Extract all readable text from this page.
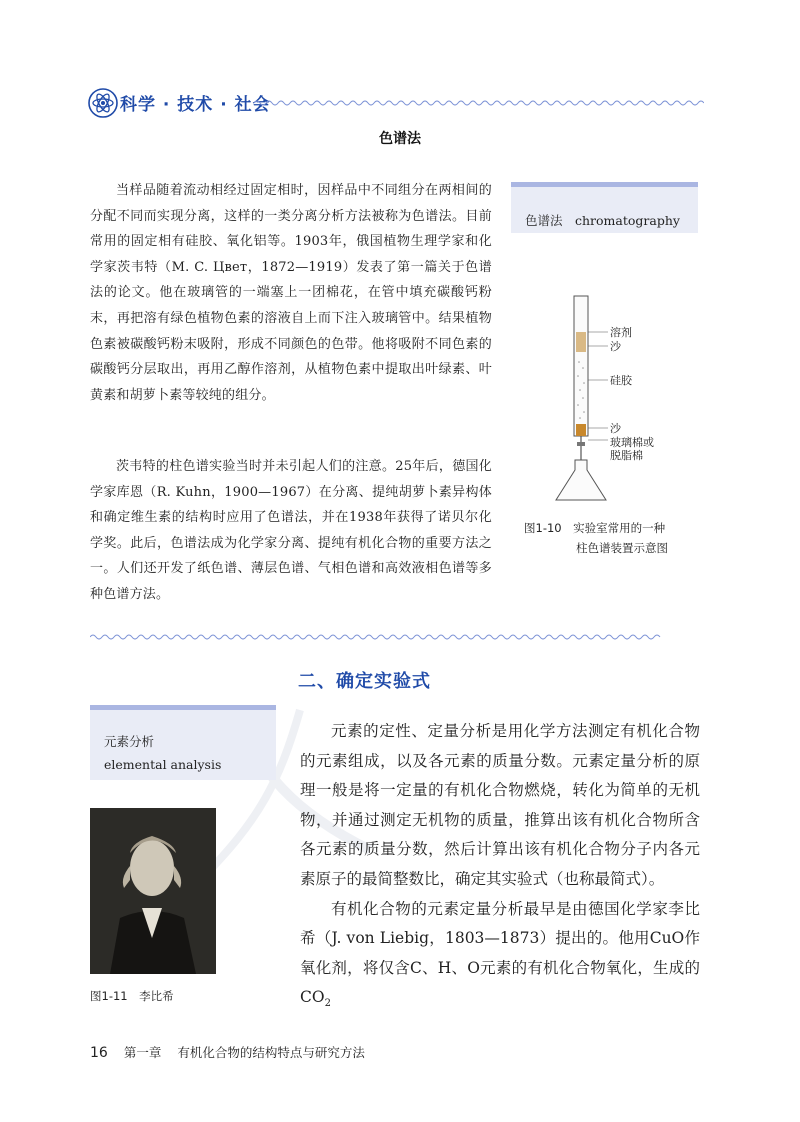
科学 · 技术 · 社会
色谱法

当样品随着流动相经过固定相时，因样品中不同组分在两相间的分配不同而实现分离，这样的一类分离分析方法被称为色谱法。目前常用的固定相有硅胶、氧化铝等。1903年，俄国植物生理学家和化学家茨韦特（M. C. Цвет，1872—1919）发表了第一篇关于色谱法的论文。他在玻璃管的一端塞上一团棉花，在管中填充碳酸钙粉末，再把溶有绿色植物色素的溶液自上而下注入玻璃管中。结果植物色素被碳酸钙粉末吸附，形成不同颜色的色带。他将吸附不同色素的碳酸钙分层取出，再用乙醇作溶剂，从植物色素中提取出叶绿素、叶黄素和胡萝卜素等较纯的组分。

茨韦特的柱色谱实验当时并未引起人们的注意。25年后，德国化学家库恩（R. Kuhn，1900—1967）在分离、提纯胡萝卜素异构体和确定维生素的结构时应用了色谱法，并在1938年获得了诺贝尔化学奖。此后，色谱法成为化学家分离、提纯有机化合物的重要方法之一。人们还开发了纸色谱、薄层色谱、气相色谱和高效液相色谱等多种色谱方法。

色谱法　chromatography
溶剂
沙
硅胶
沙
玻璃棉或
脱脂棉
图1-10　实验室常用的一种
柱色谱装置示意图
二、确定实验式
元素分析
elemental analysis

元素的定性、定量分析是用化学方法测定有机化合物的元素组成，以及各元素的质量分数。元素定量分析的原理一般是将一定量的有机化合物燃烧，转化为简单的无机物，并通过测定无机物的质量，推算出该有机化合物所含各元素的质量分数，然后计算出该有机化合物分子内各元素原子的最简整数比，确定其实验式（也称最简式）。

有机化合物的元素定量分析最早是由德国化学家李比希（J. von Liebig，1803—1873）提出的。他用CuO作氧化剂，将仅含C、H、O元素的有机化合物氧化，生成的$CO_2$

图1-11　李比希
16 第一章 有机化合物的结构特点与研究方法
